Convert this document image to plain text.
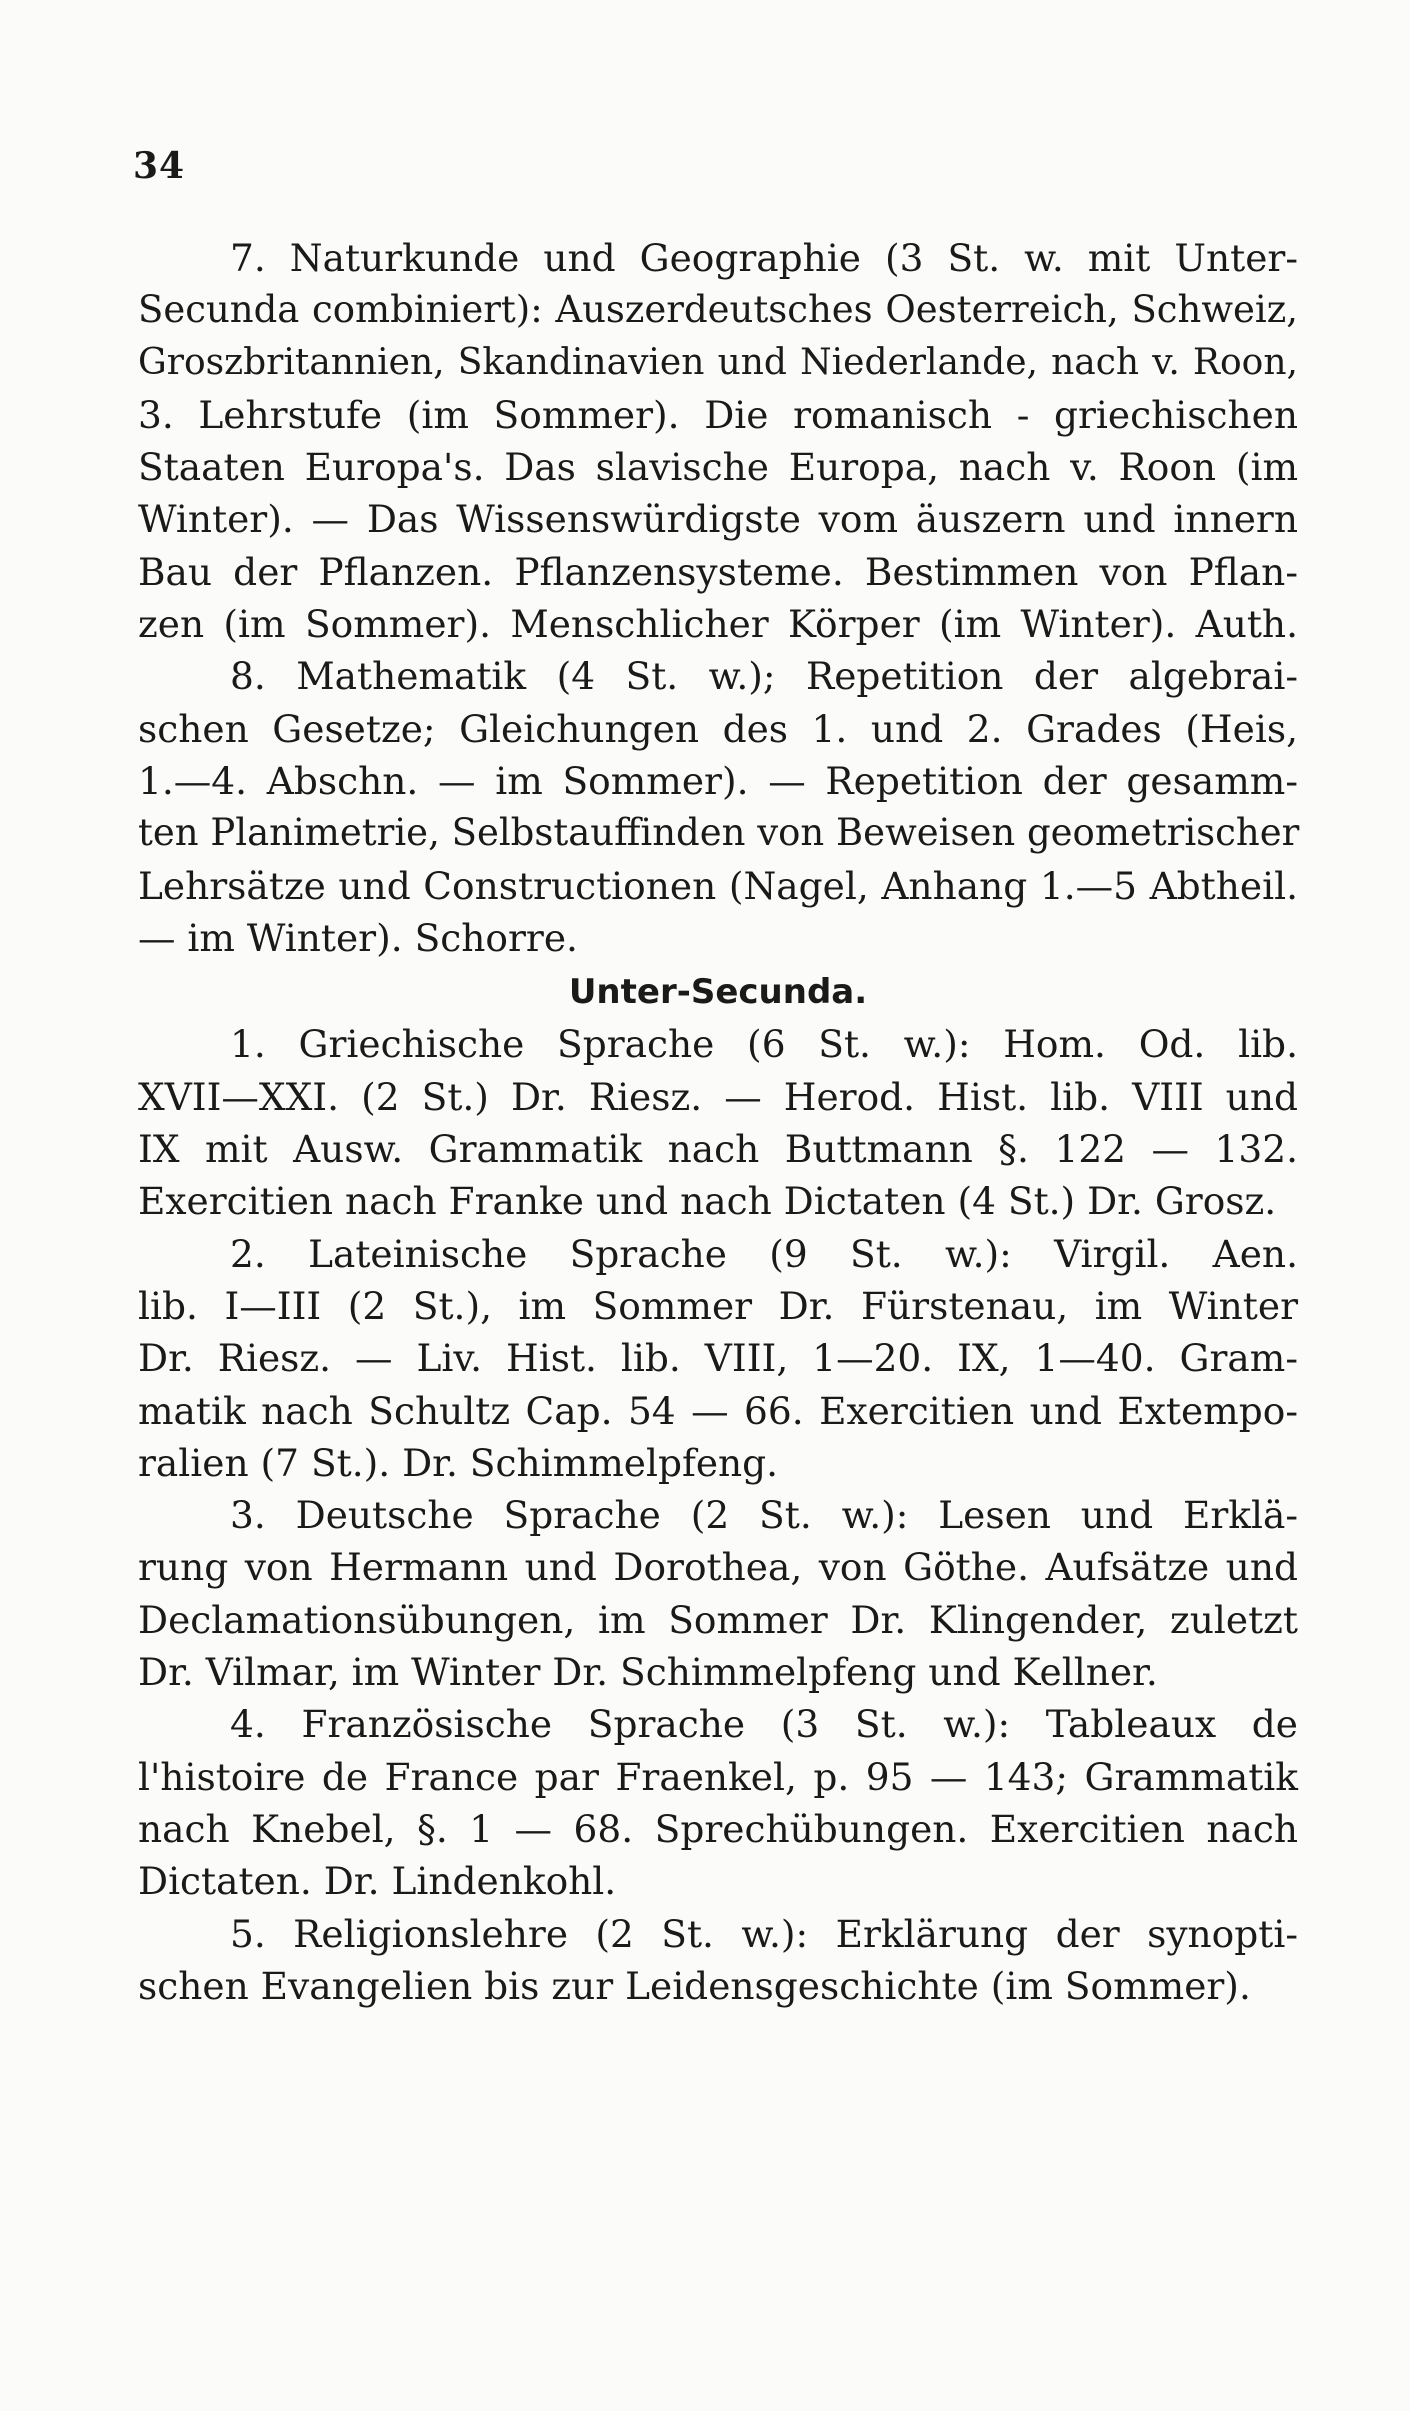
34
7. Naturkunde und Geographie (3 St. w. mit Unter-
Secunda combiniert): Auszerdeutsches Oesterreich, Schweiz,
Groszbritannien, Skandinavien und Niederlande, nach v. Roon,
3. Lehrstufe (im Sommer). Die romanisch - griechischen
Staaten Europa's. Das slavische Europa, nach v. Roon (im
Winter). — Das Wissenswürdigste vom äuszern und innern
Bau der Pflanzen. Pflanzensysteme. Bestimmen von Pflan-
zen (im Sommer). Menschlicher Körper (im Winter). Auth.
8. Mathematik (4 St. w.); Repetition der algebrai-
schen Gesetze; Gleichungen des 1. und 2. Grades (Heis,
1.—4. Abschn. — im Sommer). — Repetition der gesamm-
ten Planimetrie, Selbstauffinden von Beweisen geometrischer
Lehrsätze und Constructionen (Nagel, Anhang 1.—5 Abtheil.
— im Winter). Schorre.
Unter-Secunda.
1. Griechische Sprache (6 St. w.): Hom. Od. lib.
XVII—XXI. (2 St.) Dr. Riesz. — Herod. Hist. lib. VIII und
IX mit Ausw. Grammatik nach Buttmann §. 122 — 132.
Exercitien nach Franke und nach Dictaten (4 St.) Dr. Grosz.
2. Lateinische Sprache (9 St. w.): Virgil. Aen.
lib. I—III (2 St.), im Sommer Dr. Fürstenau, im Winter
Dr. Riesz. — Liv. Hist. lib. VIII, 1—20. IX, 1—40. Gram-
matik nach Schultz Cap. 54 — 66. Exercitien und Extempo-
ralien (7 St.). Dr. Schimmelpfeng.
3. Deutsche Sprache (2 St. w.): Lesen und Erklä-
rung von Hermann und Dorothea, von Göthe. Aufsätze und
Declamationsübungen, im Sommer Dr. Klingender, zuletzt
Dr. Vilmar, im Winter Dr. Schimmelpfeng und Kellner.
4. Französische Sprache (3 St. w.): Tableaux de
l'histoire de France par Fraenkel, p. 95 — 143; Grammatik
nach Knebel, §. 1 — 68. Sprechübungen. Exercitien nach
Dictaten. Dr. Lindenkohl.
5. Religionslehre (2 St. w.): Erklärung der synopti-
schen Evangelien bis zur Leidensgeschichte (im Sommer).
